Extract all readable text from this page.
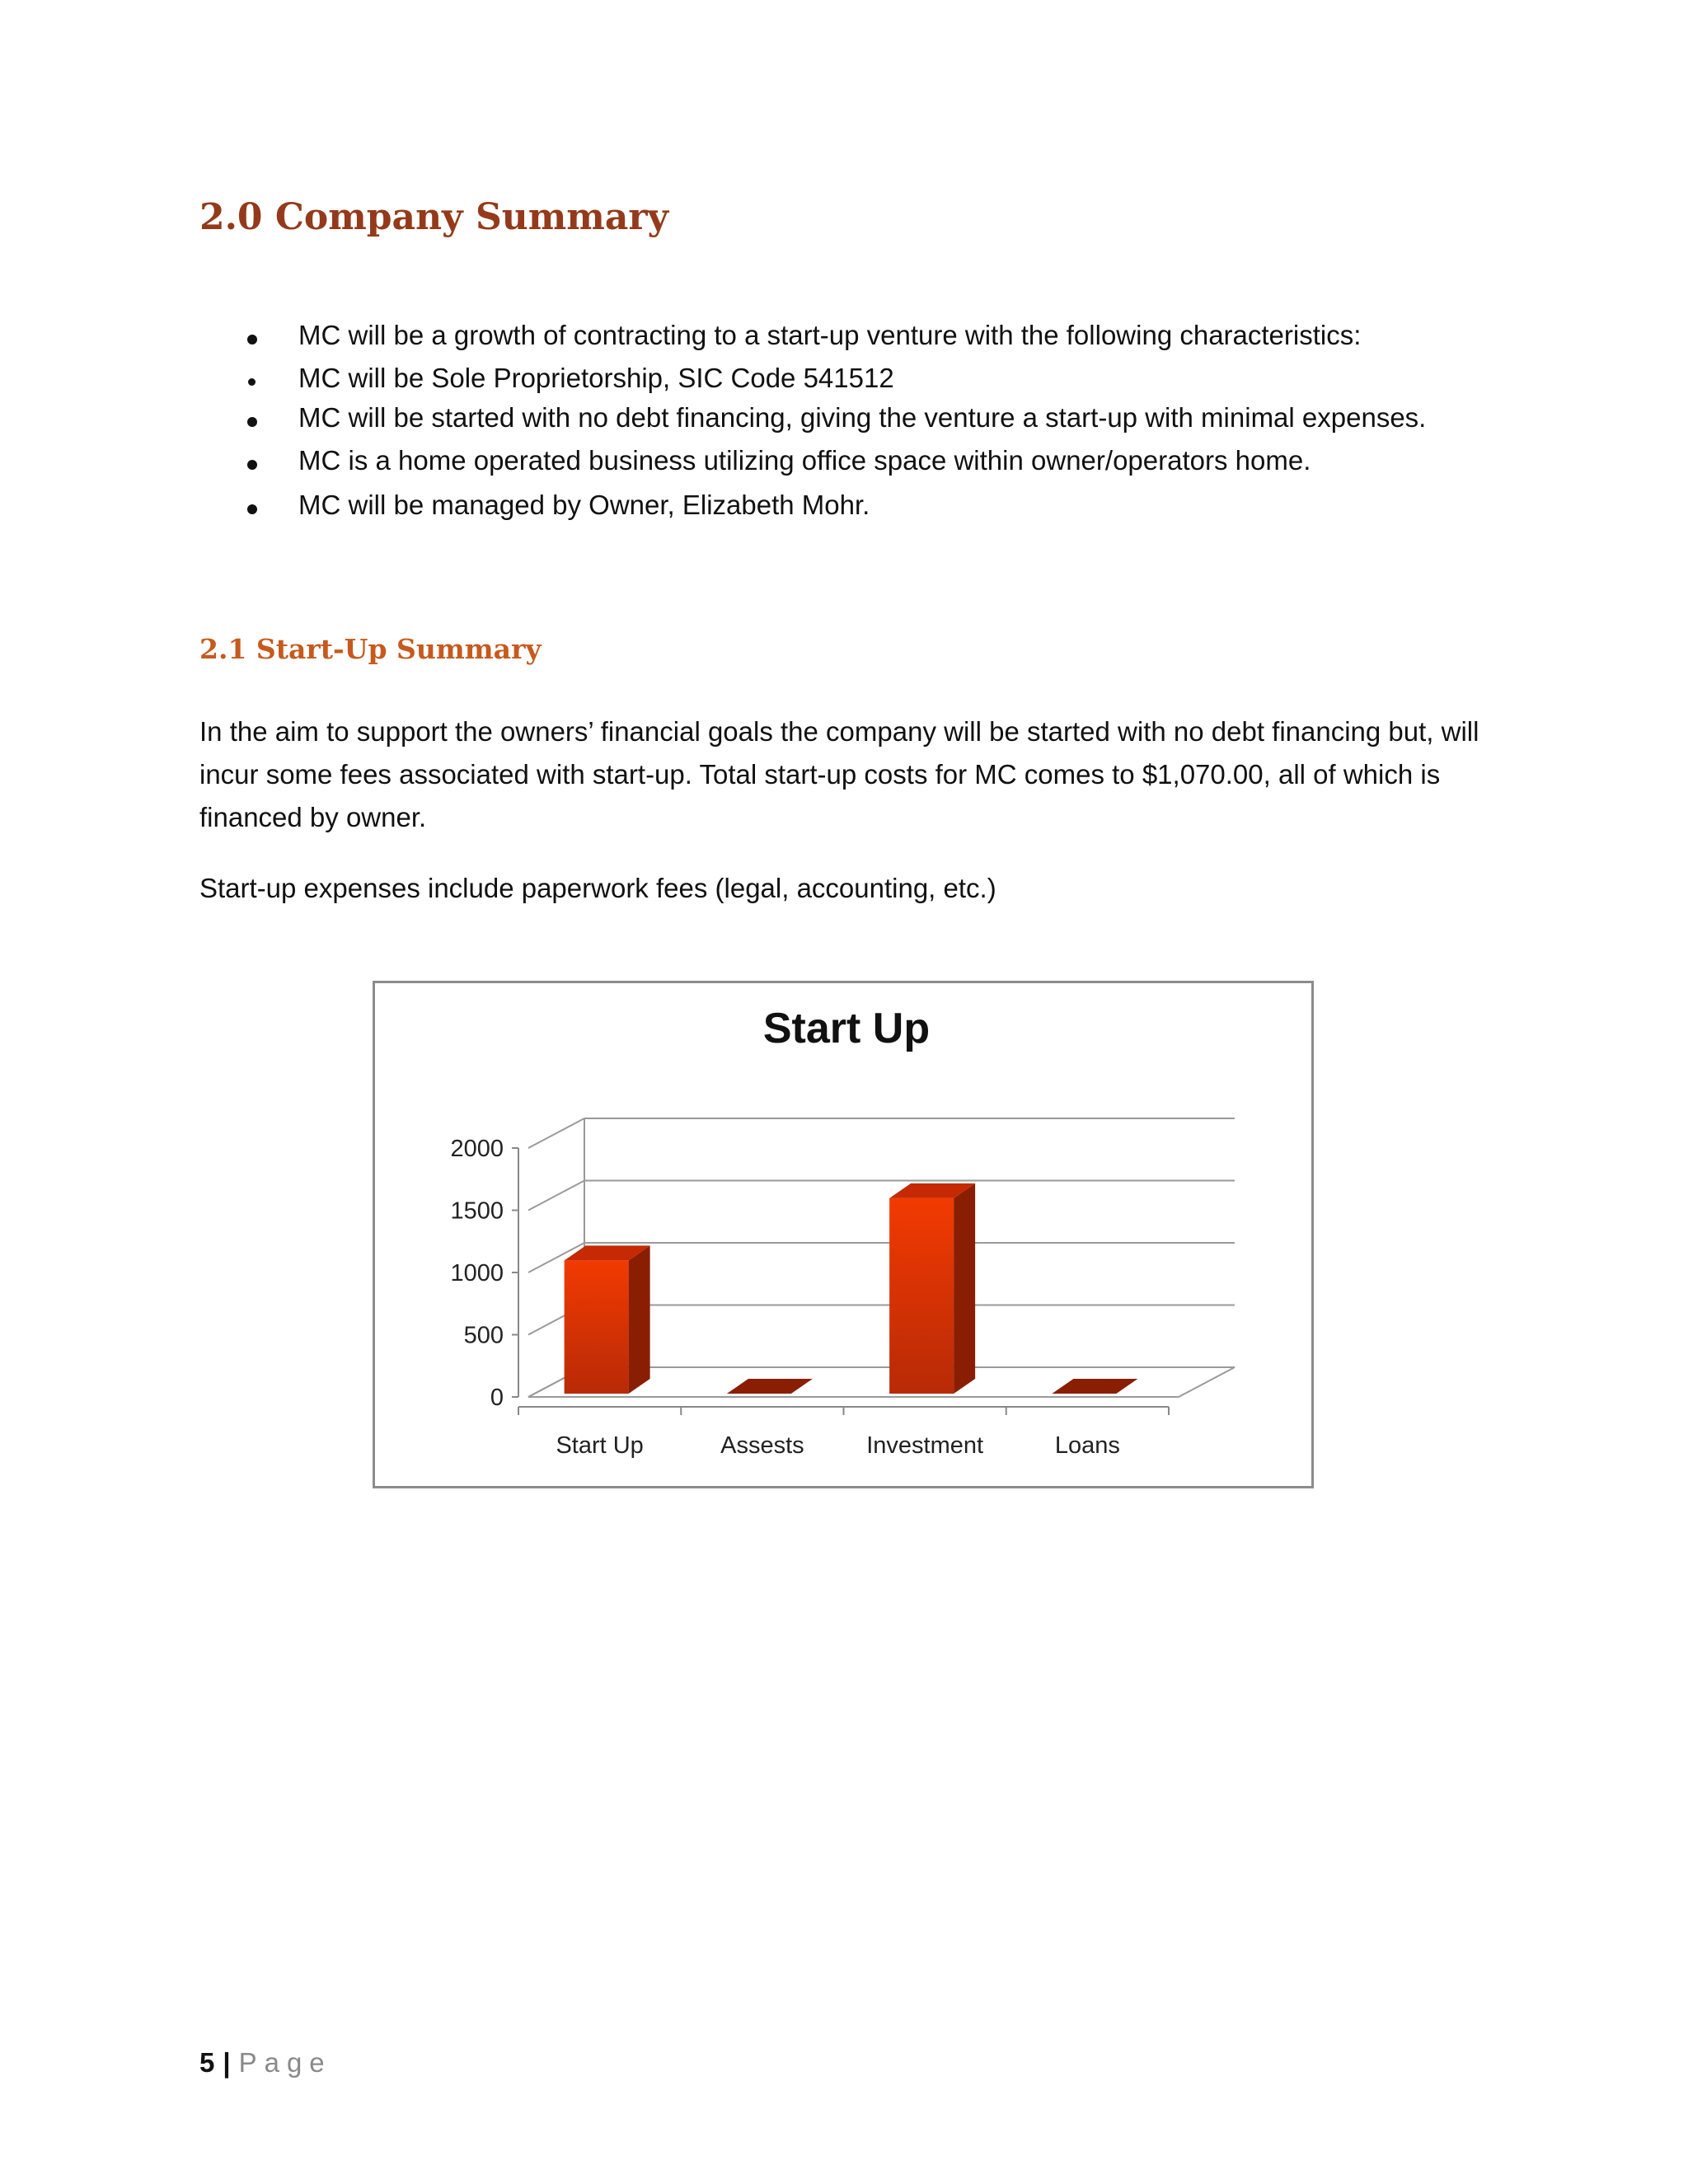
2.0 Company Summary
MC will be a growth of contracting to a start-up venture with the following characteristics:
MC will be Sole Proprietorship, SIC Code 541512
MC will be started with no debt financing, giving the venture a start-up with minimal expenses.
MC is a home operated business utilizing office space within owner/operators home.
MC will be managed by Owner, Elizabeth Mohr.
2.1 Start-Up Summary

In the aim to support the owners’ financial goals the company will be started with no debt financing but, will incur some fees associated with start-up. Total start-up costs for MC comes to $1,070.00, all of which is financed by owner.

Start-up expenses include paperwork fees (legal, accounting, etc.)

Start Up
0
500
1000
1500
2000
Start Up	Assests	Investment	Loans
5 | Page
